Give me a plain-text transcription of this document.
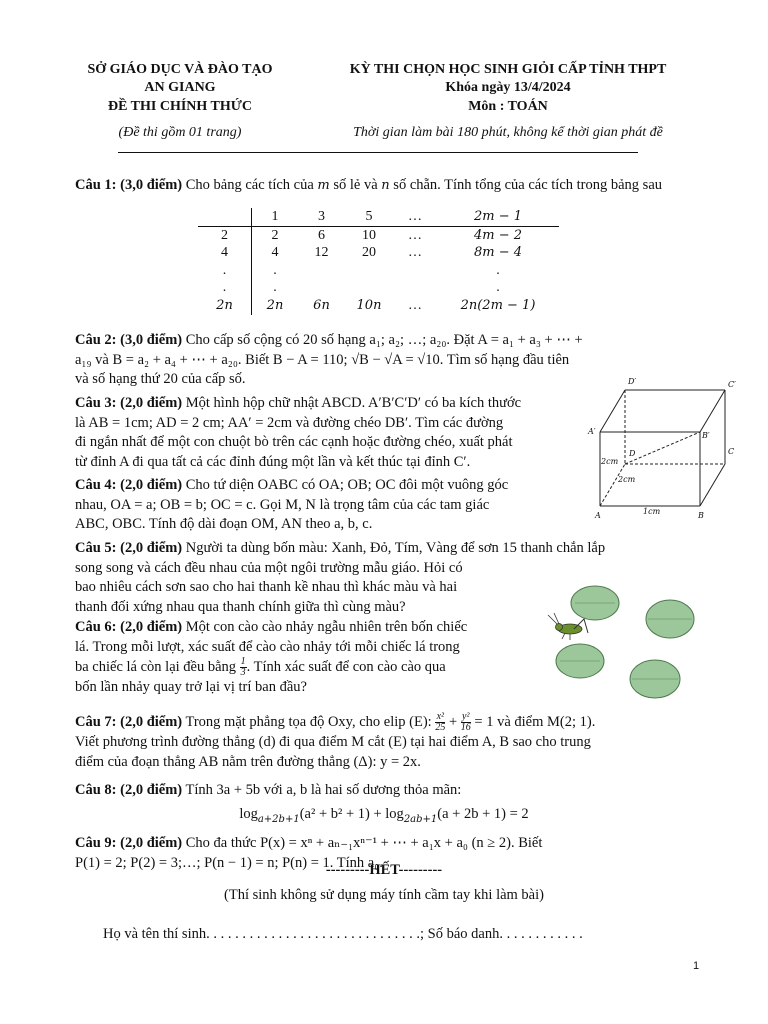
SỞ GIÁO DỤC VÀ ĐÀO TẠO
AN GIANG
ĐỀ THI CHÍNH THỨC
(Đề thi gồm 01 trang)
KỲ THI CHỌN HỌC SINH GIỎI CẤP TỈNH THPT
Khóa ngày 13/4/2024
Môn : TOÁN
Thời gian làm bài 180 phút, không kể thời gian phát đề
Câu 1: (3,0 điểm) Cho bảng các tích của m số lẻ và n số chẵn. Tính tổng của các tích trong bảng sau
	1	3	5	…	2m − 1
2	2	6	10	…	4m − 2
4	4	12	20	…	8m − 4
.	.				.
.	.				.
2n	2n	6n	10n	…	2n(2m − 1)
Câu 2: (3,0 điểm) Cho cấp số cộng có 20 số hạng a₁; a₂; …; a₂₀. Đặt A = a₁ + a₃ + ⋯ +
a₁₉ và B = a₂ + a₄ + ⋯ + a₂₀. Biết B − A = 110; √B − √A = √10. Tìm số hạng đầu tiên
và số hạng thứ 20 của cấp số.
Câu 3: (2,0 điểm) Một hình hộp chữ nhật ABCD. A′B′C′D′ có ba kích thước
là AB = 1cm; AD = 2 cm; AA′ = 2cm và đường chéo DB′. Tìm các đường
đi ngắn nhất để một con chuột bò trên các cạnh hoặc đường chéo, xuất phát
từ đỉnh A đi qua tất cả các đỉnh đúng một lần và kết thúc tại đỉnh C′.
D′	C′
A′	B′
D	C
A	B
2cm
2cm
1cm
Câu 4: (2,0 điểm) Cho tứ diện OABC có OA; OB; OC đôi một vuông góc
nhau, OA = a; OB = b; OC = c. Gọi M, N là trọng tâm của các tam giác
ABC, OBC. Tính độ dài đoạn OM, AN theo a, b, c.
Câu 5: (2,0 điểm) Người ta dùng bốn màu: Xanh, Đỏ, Tím, Vàng để sơn 15 thanh chắn lắp
song song và cách đều nhau của một ngôi trường mẫu giáo. Hỏi có
bao nhiêu cách sơn sao cho hai thanh kề nhau thì khác màu và hai
thanh đối xứng nhau qua thanh chính giữa thì cùng màu?
Câu 6: (2,0 điểm) Một con cào cào nhảy ngẫu nhiên trên bốn chiếc
lá. Trong mỗi lượt, xác suất để cào cào nhảy tới mỗi chiếc lá trong
ba chiếc lá còn lại đều bằng $\frac{1}{3}$ . Tính xác suất để con cào cào qua
bốn lần nhảy quay trở lại vị trí ban đầu?
Câu 7: (2,0 điểm) Trong mặt phẳng tọa độ Oxy, cho elip (E): $\frac{\text{x²}}{25} + \frac{\text{y²}}{16} = 1$ và điểm M(2; 1).
Viết phương trình đường thẳng (d) đi qua điểm M cắt (E) tại hai điểm A, B sao cho trung
điểm của đoạn thẳng AB nằm trên đường thẳng (Δ): y = 2x.
Câu 8: (2,0 điểm) Tính 3a + 5b với a, b là hai số dương thỏa mãn:
$\log_{a+2b+1}(a^2 + b^2 + 1) + \log_{2ab+1}(a + 2b + 1) = 2$
Câu 9: (2,0 điểm) Cho đa thức P(x) = xⁿ + aₙ₋₁xⁿ⁻¹ + ⋯ + a₁x + a₀ (n ≥ 2). Biết
P(1) = 2; P(2) = 3;…; P(n − 1) = n; P(n) = 1. Tính a₀.
---------HẾT---------
(Thí sinh không sử dụng máy tính cầm tay khi làm bài)
Họ và tên thí sinh. . . . . . . . . . . . . . . . . . . . . . . . . . . . . .; Số báo danh. . . . . . . . . . . .
1
